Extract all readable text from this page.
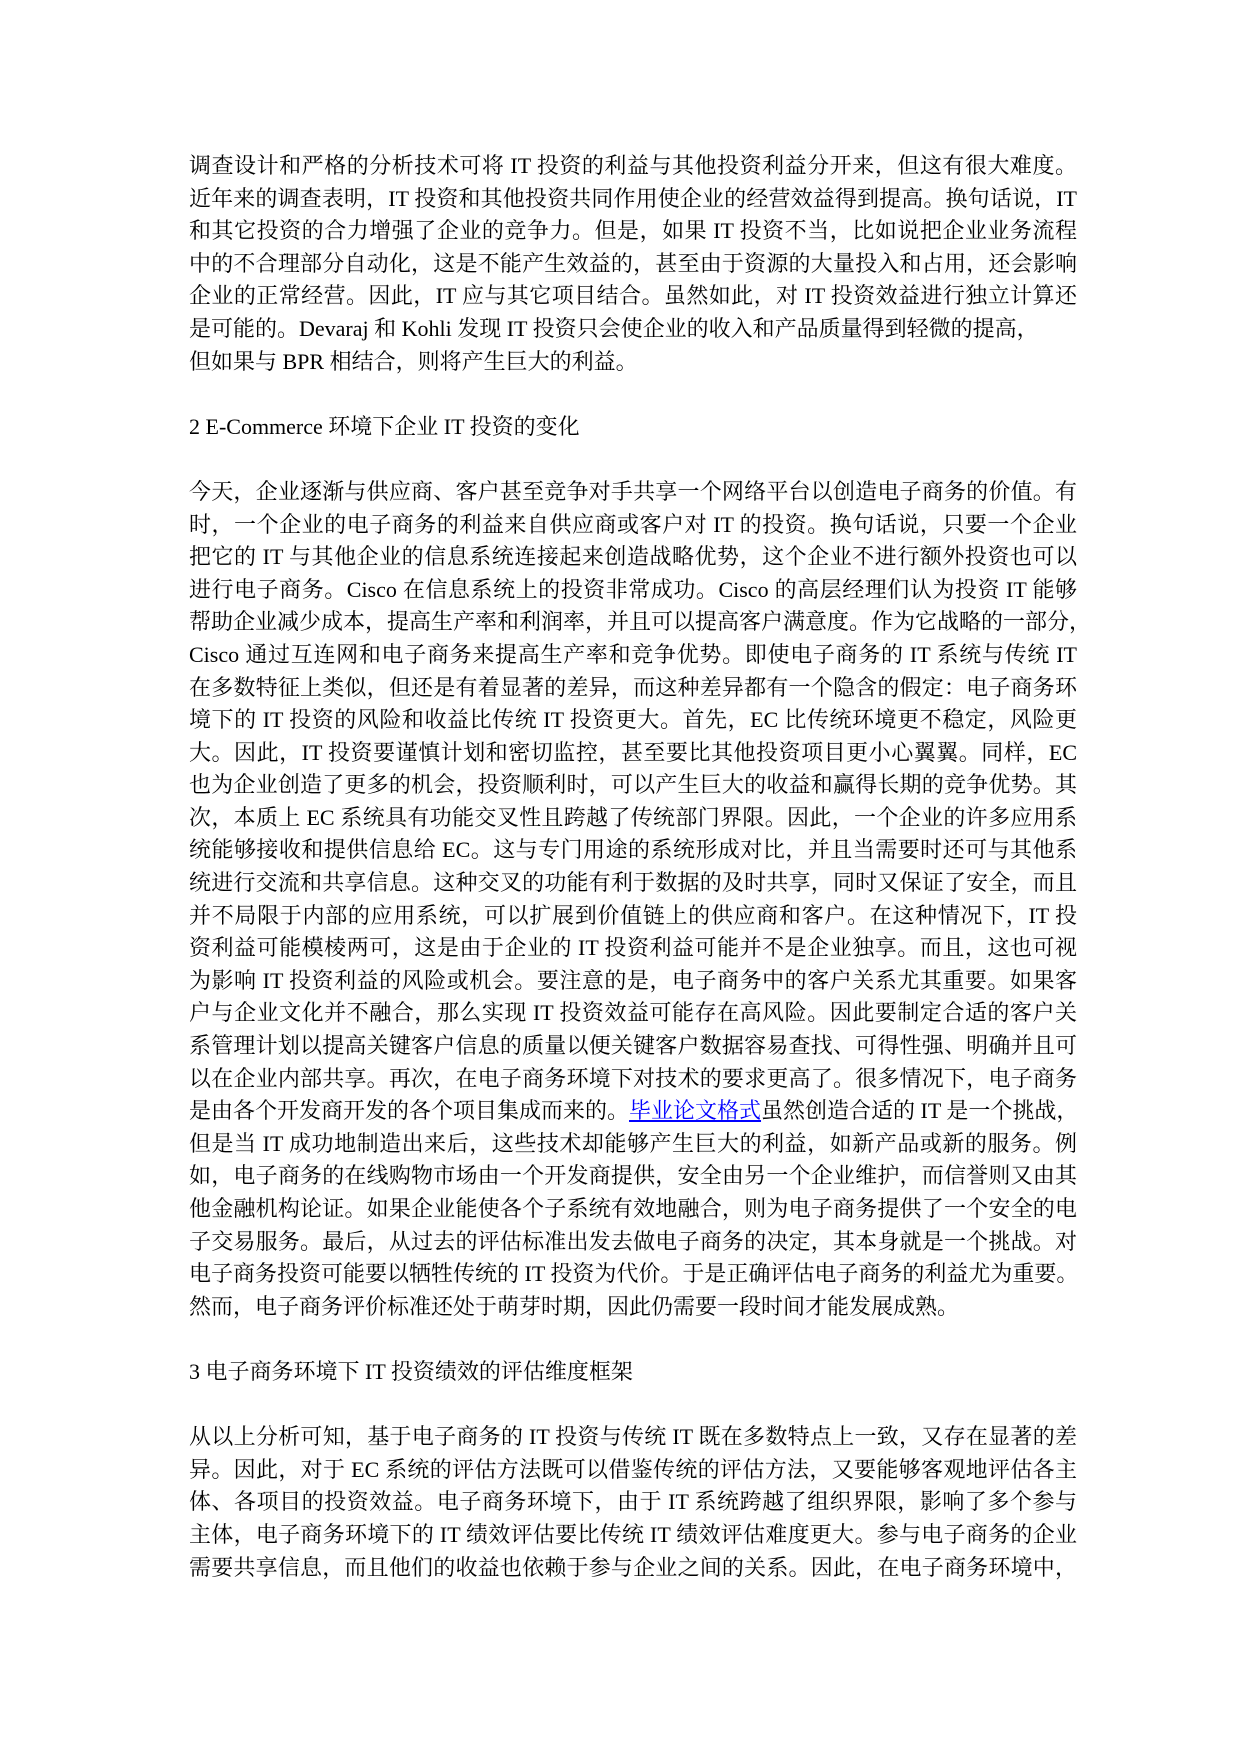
调查设计和严格的分析技术可将 IT 投资的利益与其他投资利益分开来，但这有很大难度。
近年来的调查表明，IT 投资和其他投资共同作用使企业的经营效益得到提高。换句话说，IT
和其它投资的合力增强了企业的竞争力。但是，如果 IT 投资不当，比如说把企业业务流程
中的不合理部分自动化，这是不能产生效益的，甚至由于资源的大量投入和占用，还会影响
企业的正常经营。因此，IT 应与其它项目结合。虽然如此，对 IT 投资效益进行独立计算还
是可能的。Devaraj 和 Kohli 发现 IT 投资只会使企业的收入和产品质量得到轻微的提高，
但如果与 BPR 相结合，则将产生巨大的利益。
2 E-Commerce 环境下企业 IT 投资的变化
今天，企业逐渐与供应商、客户甚至竞争对手共享一个网络平台以创造电子商务的价值。有
时，一个企业的电子商务的利益来自供应商或客户对 IT 的投资。换句话说，只要一个企业
把它的 IT 与其他企业的信息系统连接起来创造战略优势，这个企业不进行额外投资也可以
进行电子商务。Cisco 在信息系统上的投资非常成功。Cisco 的高层经理们认为投资 IT 能够
帮助企业减少成本，提高生产率和利润率，并且可以提高客户满意度。作为它战略的一部分，
Cisco 通过互连网和电子商务来提高生产率和竞争优势。即使电子商务的 IT 系统与传统 IT
在多数特征上类似，但还是有着显著的差异，而这种差异都有一个隐含的假定：电子商务环
境下的 IT 投资的风险和收益比传统 IT 投资更大。首先，EC 比传统环境更不稳定，风险更
大。因此，IT 投资要谨慎计划和密切监控，甚至要比其他投资项目更小心翼翼。同样，EC
也为企业创造了更多的机会，投资顺利时，可以产生巨大的收益和赢得长期的竞争优势。其
次，本质上 EC 系统具有功能交叉性且跨越了传统部门界限。因此，一个企业的许多应用系
统能够接收和提供信息给 EC。这与专门用途的系统形成对比，并且当需要时还可与其他系
统进行交流和共享信息。这种交叉的功能有利于数据的及时共享，同时又保证了安全，而且
并不局限于内部的应用系统，可以扩展到价值链上的供应商和客户。在这种情况下，IT 投
资利益可能模棱两可，这是由于企业的 IT 投资利益可能并不是企业独享。而且，这也可视
为影响 IT 投资利益的风险或机会。要注意的是，电子商务中的客户关系尤其重要。如果客
户与企业文化并不融合，那么实现 IT 投资效益可能存在高风险。因此要制定合适的客户关
系管理计划以提高关键客户信息的质量以便关键客户数据容易查找、可得性强、明确并且可
以在企业内部共享。再次，在电子商务环境下对技术的要求更高了。很多情况下，电子商务
是由各个开发商开发的各个项目集成而来的。毕业论文格式虽然创造合适的 IT 是一个挑战，
但是当 IT 成功地制造出来后，这些技术却能够产生巨大的利益，如新产品或新的服务。例
如，电子商务的在线购物市场由一个开发商提供，安全由另一个企业维护，而信誉则又由其
他金融机构论证。如果企业能使各个子系统有效地融合，则为电子商务提供了一个安全的电
子交易服务。最后，从过去的评估标准出发去做电子商务的决定，其本身就是一个挑战。对
电子商务投资可能要以牺牲传统的 IT 投资为代价。于是正确评估电子商务的利益尤为重要。
然而，电子商务评价标准还处于萌芽时期，因此仍需要一段时间才能发展成熟。
3 电子商务环境下 IT 投资绩效的评估维度框架
从以上分析可知，基于电子商务的 IT 投资与传统 IT 既在多数特点上一致，又存在显著的差
异。因此，对于 EC 系统的评估方法既可以借鉴传统的评估方法，又要能够客观地评估各主
体、各项目的投资效益。电子商务环境下，由于 IT 系统跨越了组织界限，影响了多个参与
主体，电子商务环境下的 IT 绩效评估要比传统 IT 绩效评估难度更大。参与电子商务的企业
需要共享信息，而且他们的收益也依赖于参与企业之间的关系。因此，在电子商务环境中，
